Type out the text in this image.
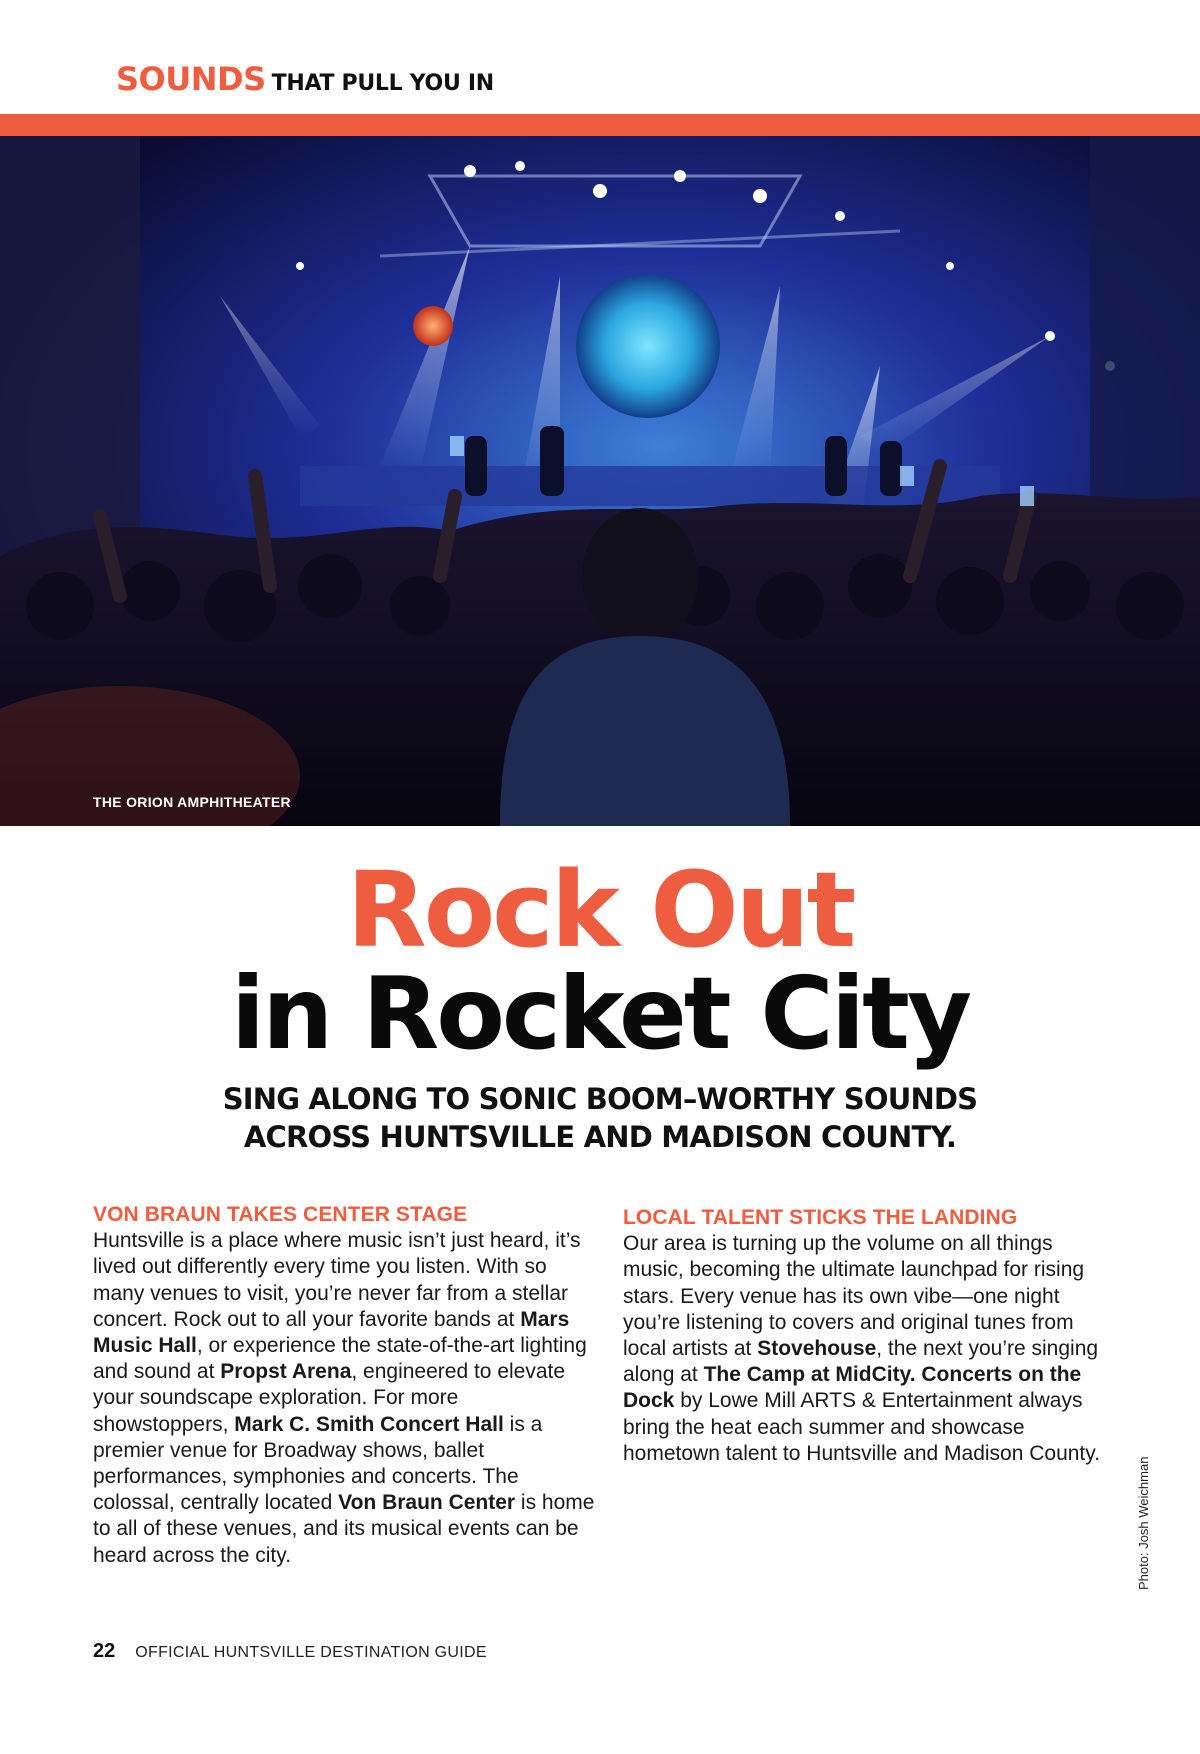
SOUNDS THAT PULL YOU IN
THE ORION AMPHITHEATER
Rock Out
in Rocket City
SING ALONG TO SONIC BOOM–WORTHY SOUNDS
ACROSS HUNTSVILLE AND MADISON COUNTY.
VON BRAUN TAKES CENTER STAGE

Huntsville is a place where music isn’t just heard, it’s lived out differently every time you listen. With so many venues to visit, you’re never far from a stellar concert. Rock out to all your favorite bands at Mars Music Hall, or experience the state-of-the-art lighting and sound at Propst Arena, engineered to elevate your soundscape exploration. For more showstoppers, Mark C. Smith Concert Hall is a premier venue for Broadway shows, ballet performances, symphonies and concerts. The colossal, centrally located Von Braun Center is home to all of these venues, and its musical events can be heard across the city.

LOCAL TALENT STICKS THE LANDING

Our area is turning up the volume on all things music, becoming the ultimate launchpad for rising stars. Every venue has its own vibe—one night you’re listening to covers and original tunes from local artists at Stovehouse, the next you’re singing along at The Camp at MidCity. Concerts on the Dock by Lowe Mill ARTS & Entertainment always bring the heat each summer and showcase hometown talent to Huntsville and Madison County.

Photo: Josh Weichman
22 OFFICIAL HUNTSVILLE DESTINATION GUIDE
